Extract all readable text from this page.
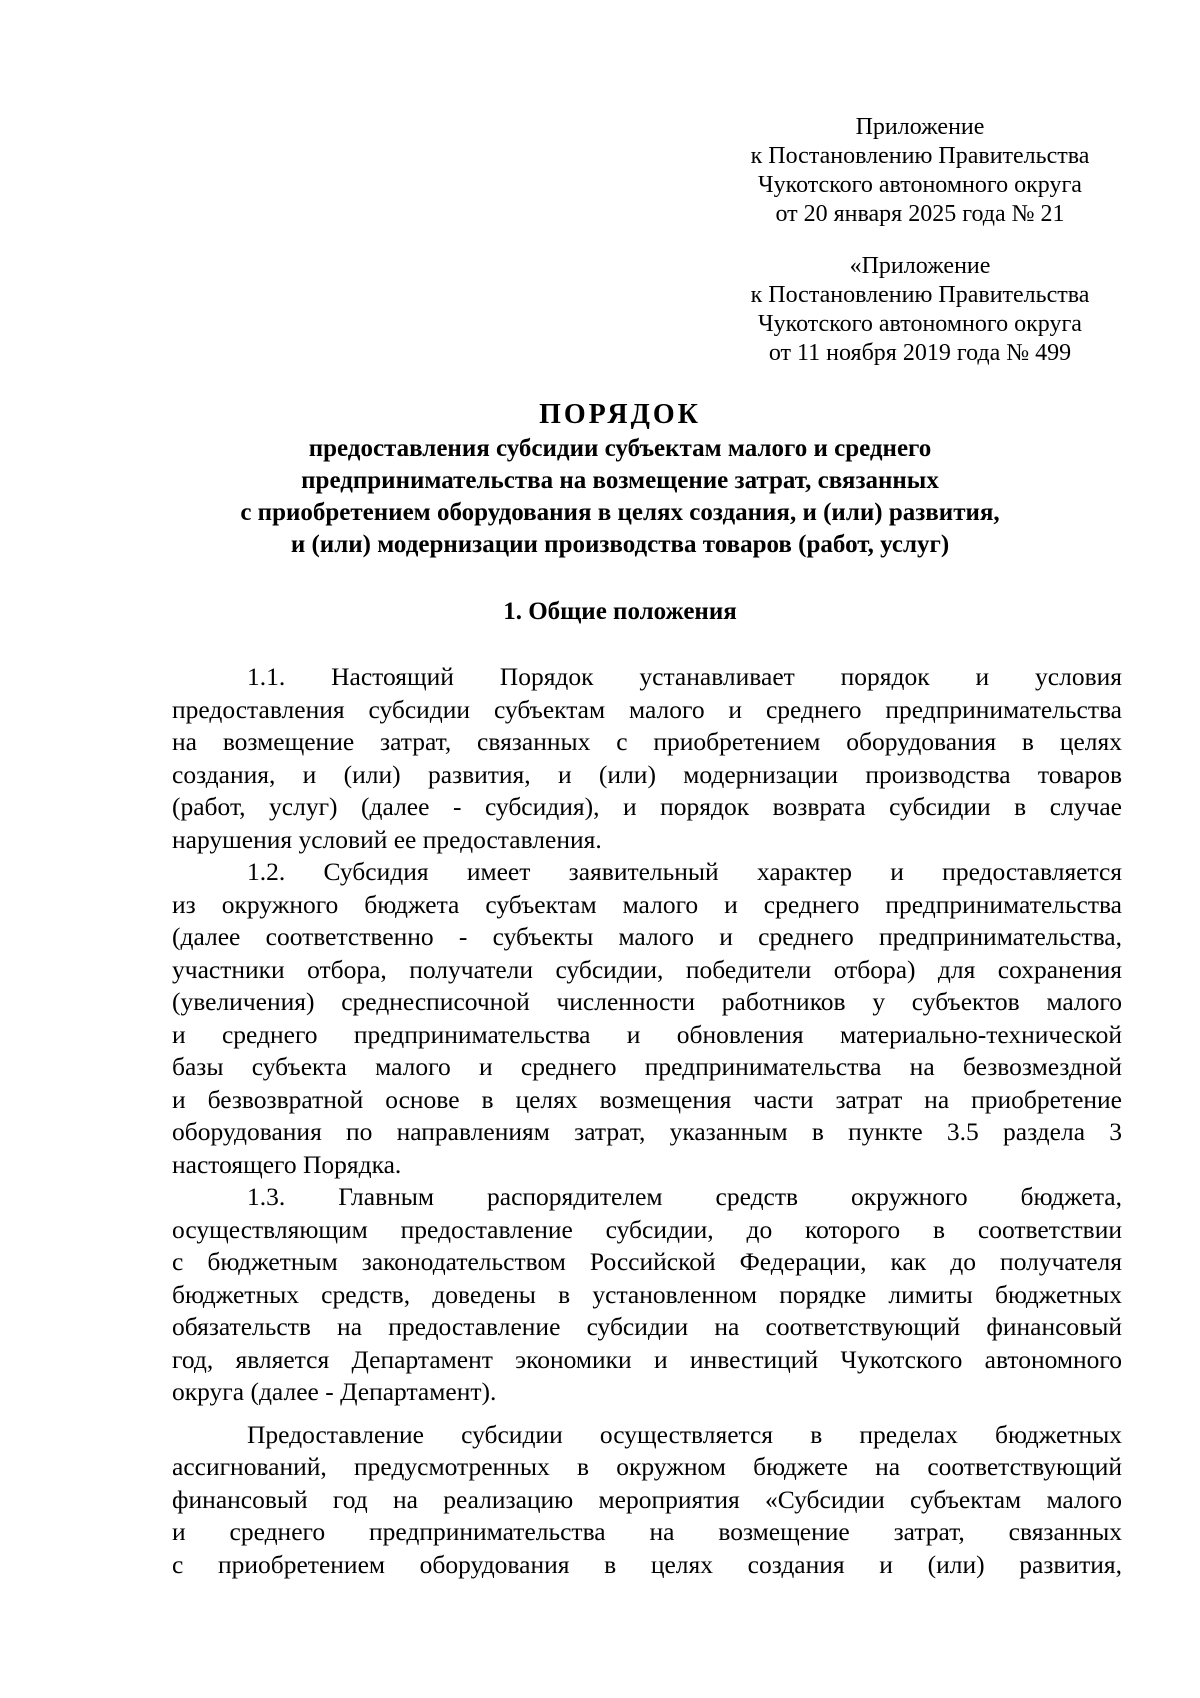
Приложение
к Постановлению Правительства
Чукотского автономного округа
от 20 января 2025 года № 21
«Приложение
к Постановлению Правительства
Чукотского автономного округа
от 11 ноября 2019 года № 499
ПОРЯДОК
предоставления субсидии субъектам малого и среднего
предпринимательства на возмещение затрат, связанных
с приобретением оборудования в целях создания, и (или) развития,
и (или) модернизации производства товаров (работ, услуг)
1. Общие положения
1.1. Настоящий Порядок устанавливает порядок и условия
предоставления субсидии субъектам малого и среднего предпринимательства
на возмещение затрат, связанных с приобретением оборудования в целях
создания, и (или) развития, и (или) модернизации производства товаров
(работ, услуг) (далее - субсидия), и порядок возврата субсидии в случае
нарушения условий ее предоставления.
1.2. Субсидия имеет заявительный характер и предоставляется
из окружного бюджета субъектам малого и среднего предпринимательства
(далее соответственно - субъекты малого и среднего предпринимательства,
участники отбора, получатели субсидии, победители отбора) для сохранения
(увеличения) среднесписочной численности работников у субъектов малого
и среднего предпринимательства и обновления материально-технической
базы субъекта малого и среднего предпринимательства на безвозмездной
и безвозвратной основе в целях возмещения части затрат на приобретение
оборудования по направлениям затрат, указанным в пункте 3.5 раздела 3
настоящего Порядка.
1.3. Главным распорядителем средств окружного бюджета,
осуществляющим предоставление субсидии, до которого в соответствии
с бюджетным законодательством Российской Федерации, как до получателя
бюджетных средств, доведены в установленном порядке лимиты бюджетных
обязательств на предоставление субсидии на соответствующий финансовый
год, является Департамент экономики и инвестиций Чукотского автономного
округа (далее - Департамент).
Предоставление субсидии осуществляется в пределах бюджетных
ассигнований, предусмотренных в окружном бюджете на соответствующий
финансовый год на реализацию мероприятия «Субсидии субъектам малого
и среднего предпринимательства на возмещение затрат, связанных
с приобретением оборудования в целях создания и (или) развития,
